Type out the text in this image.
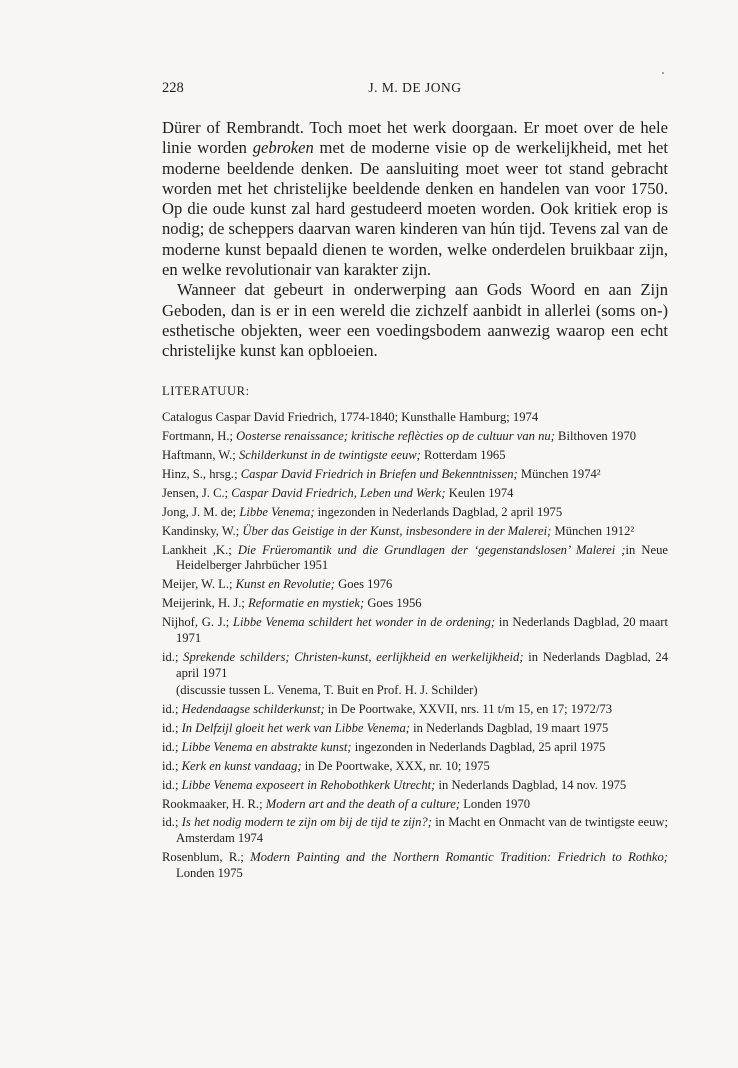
228	J. M. DE JONG

Dürer of Rembrandt. Toch moet het werk doorgaan. Er moet over de hele linie worden gebroken met de moderne visie op de werkelijkheid, met het moderne beeldende denken. De aansluiting moet weer tot stand gebracht worden met het christelijke beeldende denken en handelen van voor 1750. Op die oude kunst zal hard gestudeerd moeten worden. Ook kritiek erop is nodig; de scheppers daarvan waren kinderen van hún tijd. Tevens zal van de moderne kunst bepaald dienen te worden, welke onderdelen bruikbaar zijn, en welke revolutionair van karakter zijn.

Wanneer dat gebeurt in onderwerping aan Gods Woord en aan Zijn Geboden, dan is er in een wereld die zichzelf aanbidt in allerlei (soms on-) esthetische objekten, weer een voedingsbodem aanwezig waarop een echt christelijke kunst kan opbloeien.

LITERATUUR:

Catalogus Caspar David Friedrich, 1774-1840; Kunsthalle Hamburg; 1974

Fortmann, H.; Oosterse renaissance; kritische reflècties op de cultuur van nu; Bilthoven 1970

Haftmann, W.; Schilderkunst in de twintigste eeuw; Rotterdam 1965

Hinz, S., hrsg.; Caspar David Friedrich in Briefen und Bekenntnissen; München 1974²

Jensen, J. C.; Caspar David Friedrich, Leben und Werk; Keulen 1974

Jong, J. M. de; Libbe Venema; ingezonden in Nederlands Dagblad, 2 april 1975

Kandinsky, W.; Über das Geistige in der Kunst, insbesondere in der Malerei; München 1912²

Lankheit ,K.; Die Früeromantik und die Grundlagen der ‘gegenstandslosen’ Malerei ;in Neue Heidelberger Jahrbücher 1951

Meijer, W. L.; Kunst en Revolutie; Goes 1976

Meijerink, H. J.; Reformatie en mystiek; Goes 1956

Nijhof, G. J.; Libbe Venema schildert het wonder in de ordening; in Nederlands Dagblad, 20 maart 1971

id.; Sprekende schilders; Christen-kunst, eerlijkheid en werkelijkheid; in Nederlands Dagblad, 24 april 1971

(discussie tussen L. Venema, T. Buit en Prof. H. J. Schilder)

id.; Hedendaagse schilderkunst; in De Poortwake, XXVII, nrs. 11 t/m 15, en 17; 1972/73

id.; In Delfzijl gloeit het werk van Libbe Venema; in Nederlands Dagblad, 19 maart 1975

id.; Libbe Venema en abstrakte kunst; ingezonden in Nederlands Dagblad, 25 april 1975

id.; Kerk en kunst vandaag; in De Poortwake, XXX, nr. 10; 1975

id.; Libbe Venema exposeert in Rehobothkerk Utrecht; in Nederlands Dagblad, 14 nov. 1975

Rookmaaker, H. R.; Modern art and the death of a culture; Londen 1970

id.; Is het nodig modern te zijn om bij de tijd te zijn?; in Macht en Onmacht van de twintigste eeuw; Amsterdam 1974

Rosenblum, R.; Modern Painting and the Northern Romantic Tradition: Friedrich to Rothko; Londen 1975
